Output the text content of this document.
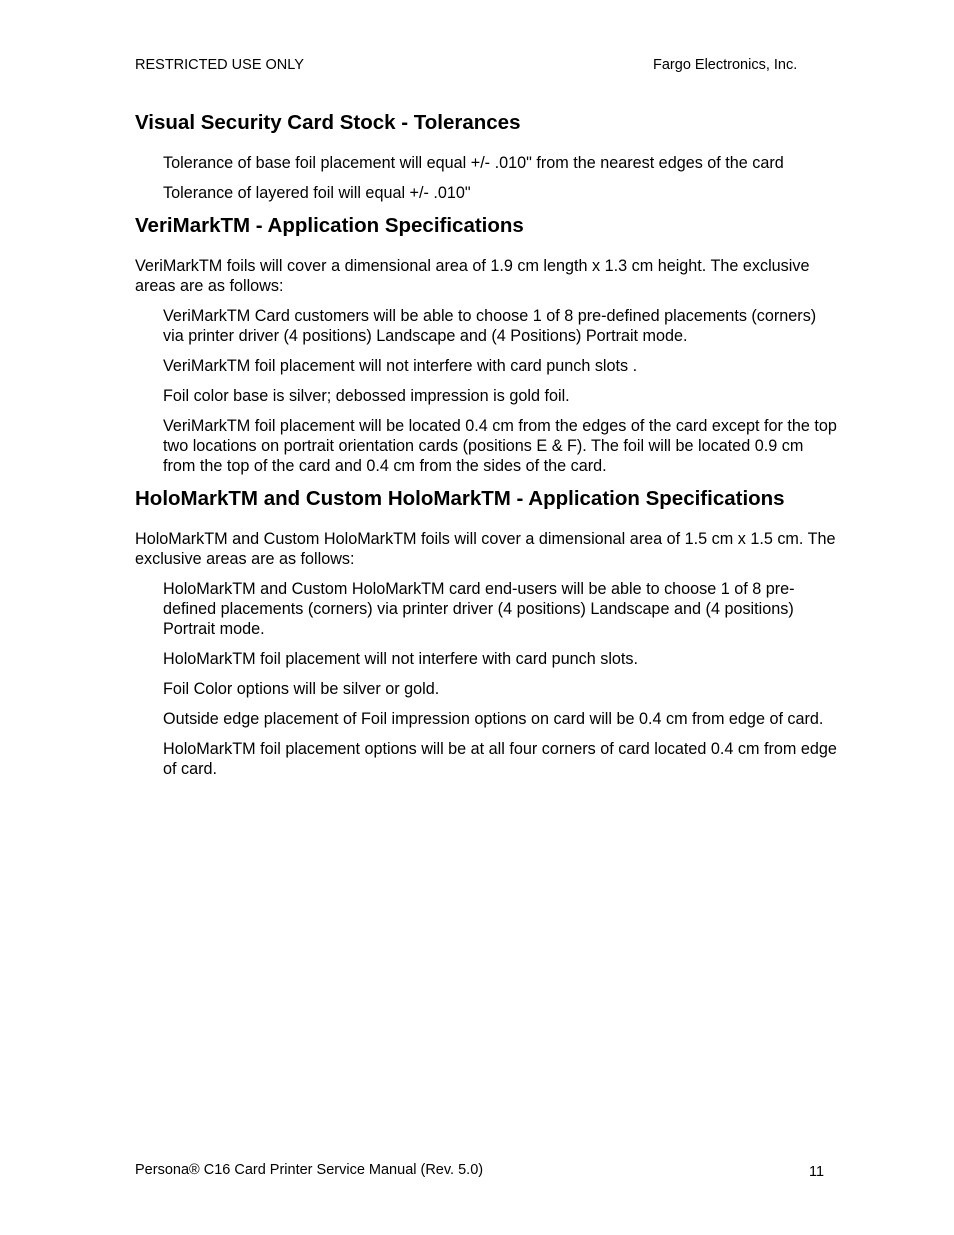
RESTRICTED USE ONLY	Fargo Electronics, Inc.
Visual Security Card Stock - Tolerances

Tolerance of base foil placement will equal +/- .010" from the nearest edges of the card

Tolerance of layered foil will equal +/- .010"

VeriMarkTM - Application Specifications

VeriMarkTM foils will cover a dimensional area of 1.9 cm length x 1.3 cm height. The exclusive areas are as follows:

VeriMarkTM Card customers will be able to choose 1 of 8 pre-defined placements (corners) via printer driver (4 positions) Landscape and (4 Positions) Portrait mode.

VeriMarkTM foil placement will not interfere with card punch slots .

Foil color base is silver; debossed impression is gold foil.

VeriMarkTM foil placement will be located 0.4 cm from the edges of the card except for the top two locations on portrait orientation cards (positions E & F). The foil will be located 0.9 cm from the top of the card and 0.4 cm from the sides of the card.

HoloMarkTM and Custom HoloMarkTM - Application Specifications

HoloMarkTM and Custom HoloMarkTM foils will cover a dimensional area of 1.5 cm x 1.5 cm. The exclusive areas are as follows:

HoloMarkTM and Custom HoloMarkTM card end-users will be able to choose 1 of 8 pre-defined placements (corners) via printer driver (4 positions) Landscape and (4 positions) Portrait mode.

HoloMarkTM foil placement will not interfere with card punch slots.

Foil Color options will be silver or gold.

Outside edge placement of Foil impression options on card will be 0.4 cm from edge of card.

HoloMarkTM foil placement options will be at all four corners of card located 0.4 cm from edge of card.

Persona® C16 Card Printer Service Manual (Rev. 5.0)	11
